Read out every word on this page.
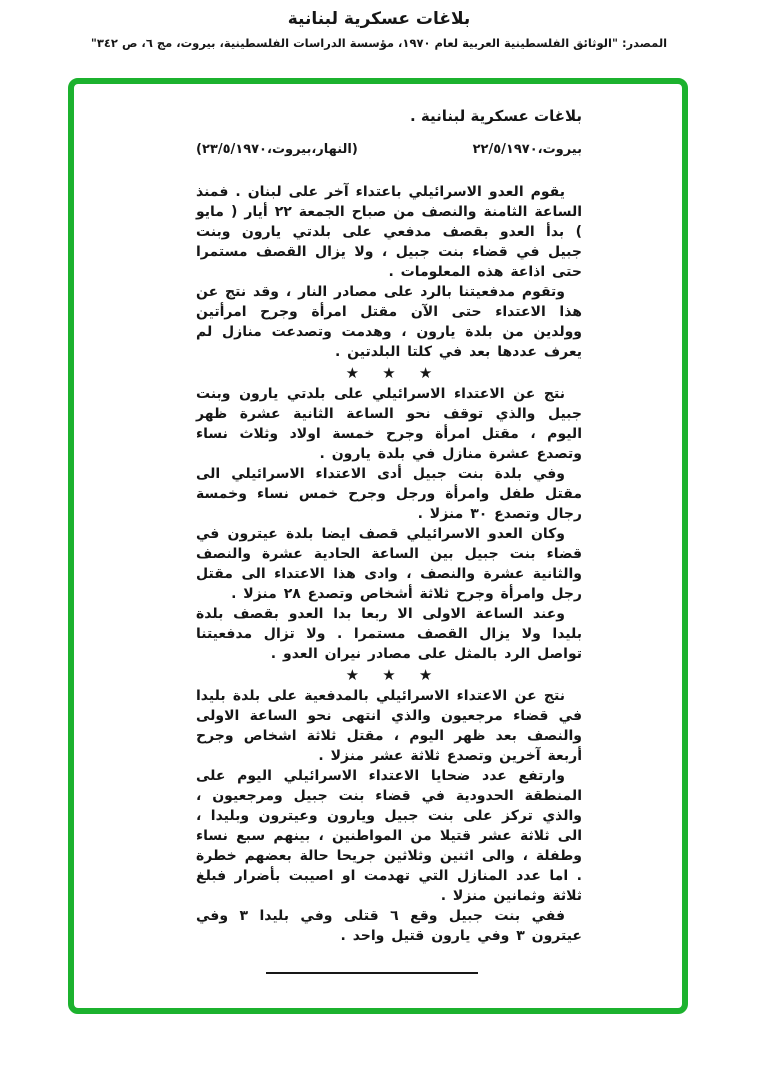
بلاغات عسكرية لبنانية
المصدر: "الوثائق الفلسطينية العربية لعام ١٩٧٠، مؤسسة الدراسات الفلسطينية، بيروت، مج ٦، ص ٣٤٢"
بلاغات عسكرية لبنانية .
بيروت،٢٢/٥/١٩٧٠
(النهار،بيروت،٢٣/٥/١٩٧٠)

يقوم العدو الاسرائيلي باعتداء آخر على لبنان . فمنذ الساعة الثامنة والنصف من صباح الجمعة ٢٢ أيار ( مايو ) بدأ العدو بقصف مدفعي على بلدتي يارون وبنت جبيل في قضاء بنت جبيل ، ولا يزال القصف مستمرا حتى اذاعة هذه المعلومات .

وتقوم مدفعيتنا بالرد على مصادر النار ، وقد نتج عن هذا الاعتداء حتى الآن مقتل امرأة وجرح امرأتين وولدين من بلدة يارون ، وهدمت وتصدعت منازل لم يعرف عددها بعد في كلتا البلدتين .

★ ★ ★

نتج عن الاعتداء الاسرائيلي على بلدتي يارون وبنت جبيل والذي توقف نحو الساعة الثانية عشرة ظهر اليوم ، مقتل امرأة وجرح خمسة اولاد وثلاث نساء وتصدع عشرة منازل في بلدة يارون .

وفي بلدة بنت جبيل أدى الاعتداء الاسرائيلي الى مقتل طفل وامرأة ورجل وجرح خمس نساء وخمسة رجال وتصدع ٣٠ منزلا .

وكان العدو الاسرائيلي قصف ايضا بلدة عيترون في قضاء بنت جبيل بين الساعة الحادية عشرة والنصف والثانية عشرة والنصف ، وادى هذا الاعتداء الى مقتل رجل وامرأة وجرح ثلاثة أشخاص وتصدع ٢٨ منزلا .

وعند الساعة الاولى الا ربعا بدا العدو بقصف بلدة بليدا ولا يزال القصف مستمرا . ولا تزال مدفعيتنا تواصل الرد بالمثل على مصادر نيران العدو .

★ ★ ★

نتج عن الاعتداء الاسرائيلي بالمدفعية على بلدة بليدا في قضاء مرجعيون والذي انتهى نحو الساعة الاولى والنصف بعد ظهر اليوم ، مقتل ثلاثة اشخاص وجرح أربعة آخرين وتصدع ثلاثة عشر منزلا .

وارتفع عدد ضحايا الاعتداء الاسرائيلي اليوم على المنطقة الحدودية في قضاء بنت جبيل ومرجعيون ، والذي تركز على بنت جبيل ويارون وعيترون وبليدا ، الى ثلاثة عشر قتيلا من المواطنين ، بينهم سبع نساء وطفلة ، والى اثنين وثلاثين جريحا حالة بعضهم خطرة . اما عدد المنازل التي تهدمت او اصيبت بأضرار فبلغ ثلاثة وثمانين منزلا .

ففي بنت جبيل وقع ٦ قتلى وفي بليدا ٣ وفي عيترون ٣ وفي يارون قتيل واحد .
